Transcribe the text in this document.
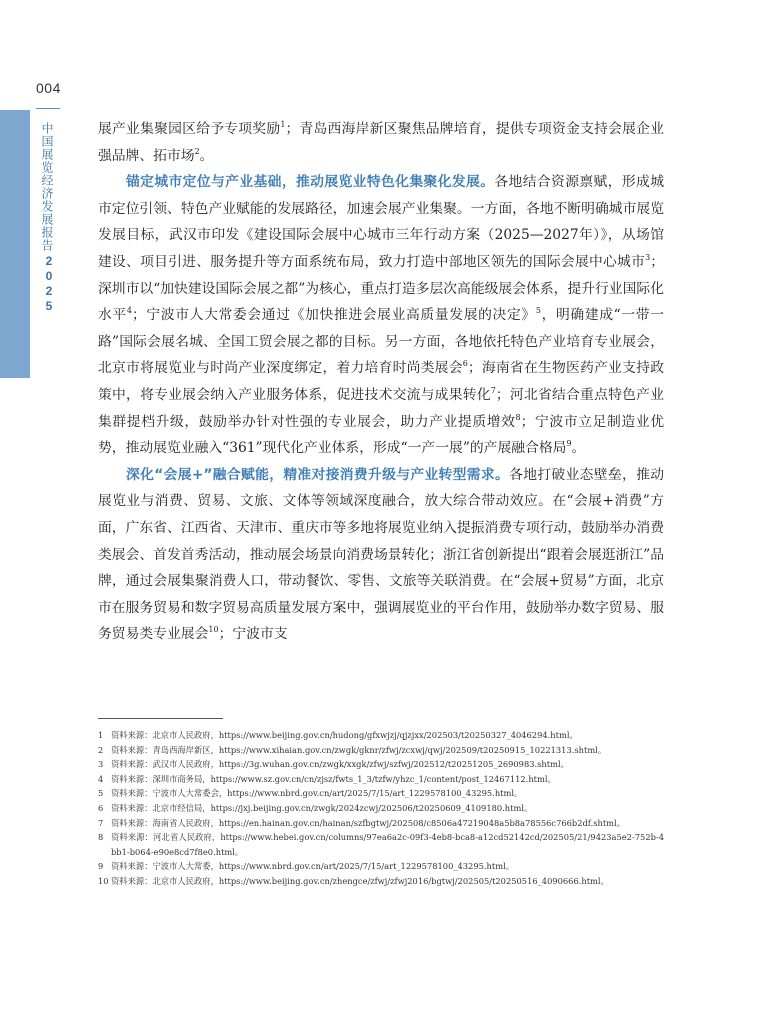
004
中国展览经济发展报告
2025

展产业集聚园区给予专项奖励$^1$；青岛西海岸新区聚焦品牌培育，提供专项资金支持会展企业强品牌、拓市场$^2$。

锚定城市定位与产业基础，推动展览业特色化集聚化发展。各地结合资源禀赋，形成城市定位引领、特色产业赋能的发展路径，加速会展产业集聚。一方面，各地不断明确城市展览发展目标，武汉市印发《建设国际会展中心城市三年行动方案（2025—2027年）》，从场馆建设、项目引进、服务提升等方面系统布局，致力打造中部地区领先的国际会展中心城市$^3$；深圳市以“加快建设国际会展之都”为核心，重点打造多层次高能级展会体系，提升行业国际化水平$^4$；宁波市人大常委会通过《加快推进会展业高质量发展的决定》$^5$，明确建成“一带一路”国际会展名城、全国工贸会展之都的目标。另一方面，各地依托特色产业培育专业展会，北京市将展览业与时尚产业深度绑定，着力培育时尚类展会$^6$；海南省在生物医药产业支持政策中，将专业展会纳入产业服务体系，促进技术交流与成果转化$^7$；河北省结合重点特色产业集群提档升级，鼓励举办针对性强的专业展会，助力产业提质增效$^8$；宁波市立足制造业优势，推动展览业融入“361”现代化产业体系，形成“一产一展”的产展融合格局$^9$。

深化“会展+”融合赋能，精准对接消费升级与产业转型需求。各地打破业态壁垒，推动展览业与消费、贸易、文旅、文体等领域深度融合，放大综合带动效应。在“会展+消费”方面，广东省、江西省、天津市、重庆市等多地将展览业纳入提振消费专项行动，鼓励举办消费类展会、首发首秀活动，推动展会场景向消费场景转化；浙江省创新提出“跟着会展逛浙江”品牌，通过会展集聚消费人口，带动餐饮、零售、文旅等关联消费。在“会展+贸易”方面，北京市在服务贸易和数字贸易高质量发展方案中，强调展览业的平台作用，鼓励举办数字贸易、服务贸易类专业展会$^{10}$；宁波市支

1 资料来源：北京市人民政府，https://www.beijing.gov.cn/hudong/gfxwjzj/qjzjxx/202503/t20250327_4046294.html。
2 资料来源：青岛西海岸新区，https://www.xihaian.gov.cn/zwgk/gknr/zfwj/zcxwj/qwj/202509/t20250915_10221313.shtml。
3 资料来源：武汉市人民政府，https://3g.wuhan.gov.cn/zwgk/xxgk/zfwj/szfwj/202512/t20251205_2690983.shtml。
4 资料来源：深圳市商务局，https://www.sz.gov.cn/cn/zjsz/fwts_1_3/tzfw/yhzc_1/content/post_12467112.html。
5 资料来源：宁波市人大常委会，https://www.nbrd.gov.cn/art/2025/7/15/art_1229578100_43295.html。
6 资料来源：北京市经信局，https://jxj.beijing.gov.cn/zwgk/2024zcwj/202506/t20250609_4109180.html。
7 资料来源：海南省人民政府，https://en.hainan.gov.cn/hainan/szfbgtwj/202508/c8506a47219048a5b8a78556c766b2df.shtml。
8 资料来源：河北省人民政府，https://www.hebei.gov.cn/columns/97ea6a2c-09f3-4eb8-bca8-a12cd52142cd/202505/21/9423a5e2-752b-4bb1-b064-e90e8cd7f8e0.html。
9 资料来源：宁波市人大常委，https://www.nbrd.gov.cn/art/2025/7/15/art_1229578100_43295.html。
10 资料来源：北京市人民政府，https://www.beijing.gov.cn/zhengce/zfwj/zfwj2016/bgtwj/202505/t20250516_4090666.html。
